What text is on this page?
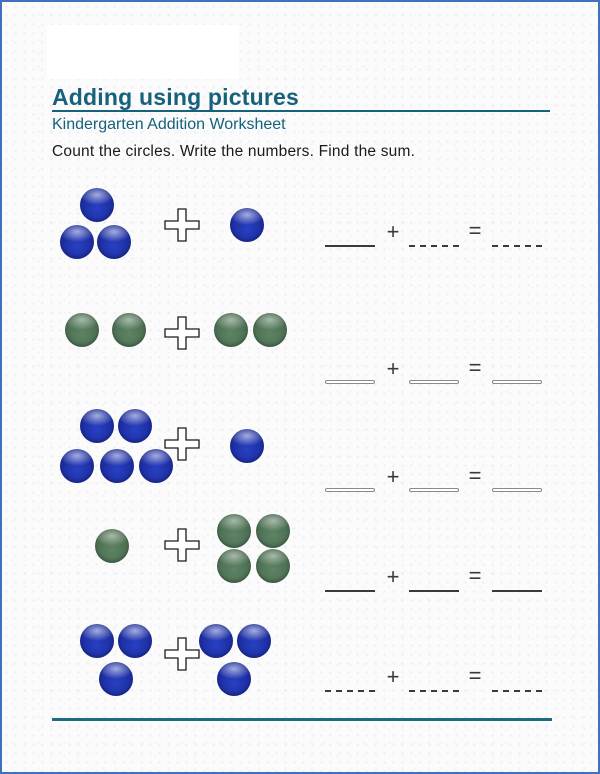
Adding using pictures
Kindergarten Addition Worksheet
Count the circles. Write the numbers. Find the sum.
+	=
+	=
+	=
+	=
+	=
